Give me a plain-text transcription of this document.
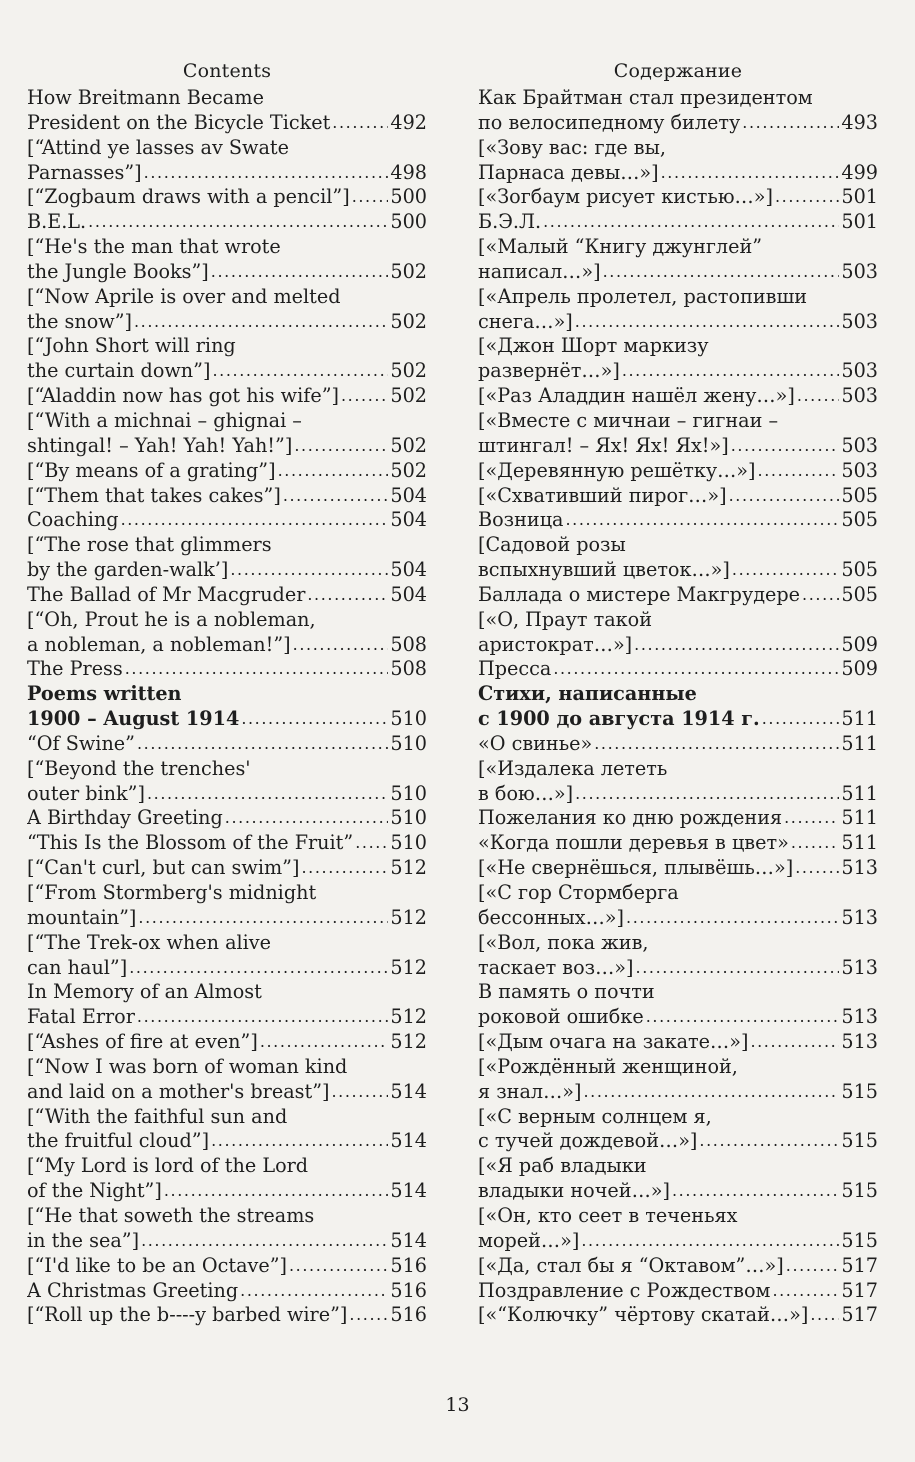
Contents
How Breitmann Became
President on the Bicycle Ticket .....	492
[“Attind ye lasses av Swate
Parnasses”] .....	498
[“Zogbaum draws with a pencil”] ..... 500
B.E.L. .....	500
[“He's the man that wrote
the Jungle Books”] .....	502
[“Now Aprile is over and melted
the snow”] .....	502
[“John Short will ring
the curtain down”] .....	502
[“Aladdin now has got his wife”] .....	502
[“With a michnai – ghignai –
shtingal! – Yah! Yah! Yah!”] .....	502
[“By means of a grating”] .....	502
[“Them that takes cakes”] .....	504
Coaching .....	504
[“The rose that glimmers
by the garden-walk’] .....	504
The Ballad of Mr Macgruder .....	504
[“Oh, Prout he is a nobleman,
a nobleman, a nobleman!”] .....	508
The Press .....	508
Poems written
1900 – August 1914 .....	510
“Of Swine” .....	510
[“Beyond the trenches'
outer bink”] .....	510
A Birthday Greeting .....	510
“This Is the Blossom of the Fruit” ..... 510
[“Can't curl, but can swim”] .....	512
[“From Stormberg's midnight
mountain”] .....	512
[“The Trek-ox when alive
can haul”] .....	512
In Memory of an Almost
Fatal Error .....	512
[“Ashes of fire at even”] .....	512
[“Now I was born of woman kind
and laid on a mother's breast”] .....	514
[“With the faithful sun and
the fruitful cloud”] .....	514
[“My Lord is lord of the Lord
of the Night”] .....	514
[“He that soweth the streams
in the sea”] .....	514
[“I'd like to be an Octave”] .....	516
A Christmas Greeting .....	516
[“Roll up the b----y barbed wire”] ..... 516
Содержание
Как Брайтман стал президентом
по велосипедному билету .....	493
[«Зову вас: где вы,
Парнаса девы…»] .....	499
[«Зогбаум рисует кистью…»] .....	501
Б.Э.Л. .....	501
[«Малый “Книгу джунглей”
написал…»] .....	503
[«Апрель пролетел, растопивши
снега…»] .....	503
[«Джон Шорт маркизу
развернёт…»] .....	503
[«Раз Аладдин нашёл жену…»] ..... 503
[«Вместе с мичнаи – гигнаи –
штингал! – Ях! Ях! Ях!»] .....	503
[«Деревянную решётку…»] .....	503
[«Схвативший пирог…»] .....	505
Возница .....	505
[Садовой розы
вспыхнувший цветок…»] .....	505
Баллада о мистере Макгрудере ..... 505
[«О, Праут такой
аристократ…»] .....	509
Пресса .....	509
Стихи, написанные
с 1900 до августа 1914 г. .....	511
«О свинье» .....	511
[«Издалека лететь
в бою…»] .....	511
Пожелания ко дню рождения .....	511
«Когда пошли деревья в цвет» .....	511
[«Не свернёшься, плывёшь…»] .....	513
[«С гор Стормберга
бессонных…»] .....	513
[«Вол, пока жив,
таскает воз…»] .....	513
В память о почти
роковой ошибке .....	513
[«Дым очага на закате…»] .....	513
[«Рождённый женщиной,
я знал…»] .....	515
[«С верным солнцем я,
с тучей дождевой…»] .....	515
[«Я раб владыки
владыки ночей…»] .....	515
[«Он, кто сеет в теченьях
морей…»] .....	515
[«Да, стал бы я “Октавом”…»] .....	517
Поздравление с Рождеством .....	517
[«“Колючку” чёртову скатай…»] ..... 517
13
